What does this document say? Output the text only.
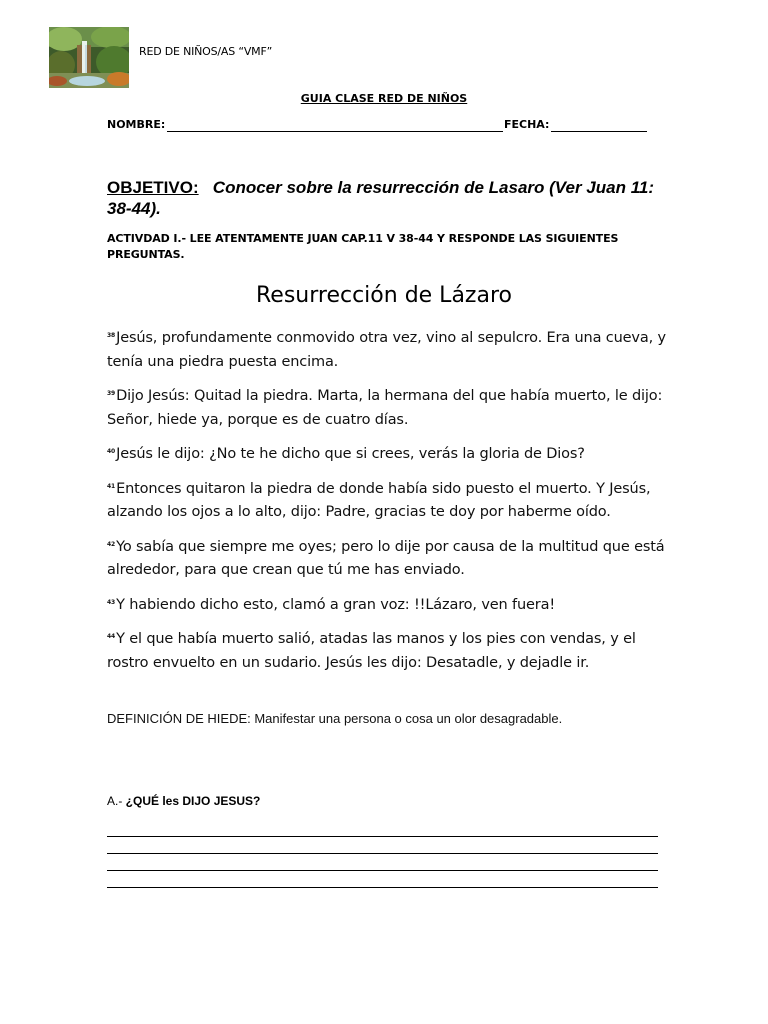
RED DE NIÑOS/AS “VMF”
GUIA CLASE RED DE NIÑOS
NOMBRE:	FECHA:
OBJETIVO: Conocer sobre la resurrección de Lasaro (Ver Juan 11: 38-44).
ACTIVDAD I.- LEE ATENTAMENTE JUAN CAP.11 V 38-44 Y RESPONDE LAS SIGUIENTES PREGUNTAS.
Resurrección de Lázaro

$^{38}$Jesús, profundamente conmovido otra vez, vino al sepulcro. Era una cueva, y tenía una piedra puesta encima.

$^{39}$Dijo Jesús: Quitad la piedra. Marta, la hermana del que había muerto, le dijo: Señor, hiede ya, porque es de cuatro días.

$^{40}$Jesús le dijo: ¿No te he dicho que si crees, verás la gloria de Dios?

$^{41}$Entonces quitaron la piedra de donde había sido puesto el muerto. Y Jesús, alzando los ojos a lo alto, dijo: Padre, gracias te doy por haberme oído.

$^{42}$Yo sabía que siempre me oyes; pero lo dije por causa de la multitud que está alrededor, para que crean que tú me has enviado.

$^{43}$Y habiendo dicho esto, clamó a gran voz: !!Lázaro, ven fuera!

$^{44}$Y el que había muerto salió, atadas las manos y los pies con vendas, y el rostro envuelto en un sudario. Jesús les dijo: Desatadle, y dejadle ir.

DEFINICIÓN DE HIEDE: Manifestar una persona o cosa un olor desagradable.
A.- ¿QUÉ les DIJO JESUS?
